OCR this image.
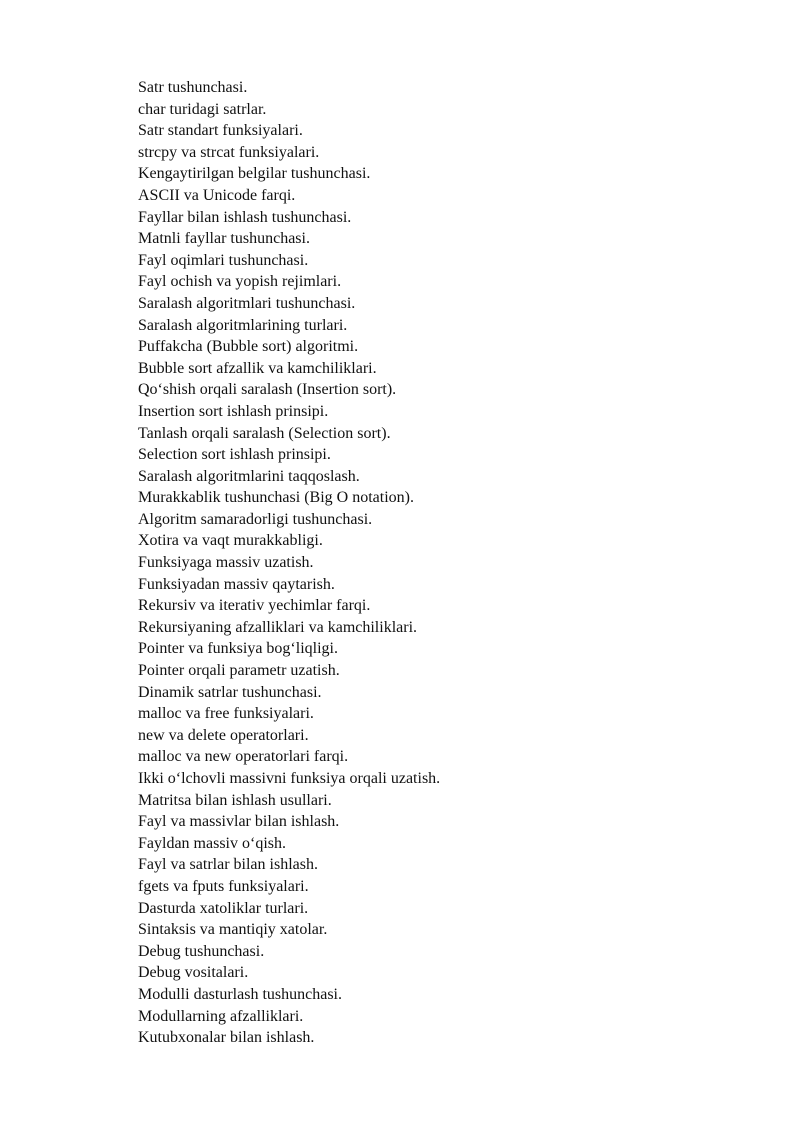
Satr tushunchasi.
char turidagi satrlar.
Satr standart funksiyalari.
strcpy va strcat funksiyalari.
Kengaytirilgan belgilar tushunchasi.
ASCII va Unicode farqi.
Fayllar bilan ishlash tushunchasi.
Matnli fayllar tushunchasi.
Fayl oqimlari tushunchasi.
Fayl ochish va yopish rejimlari.
Saralash algoritmlari tushunchasi.
Saralash algoritmlarining turlari.
Puffakcha (Bubble sort) algoritmi.
Bubble sort afzallik va kamchiliklari.
Qo‘shish orqali saralash (Insertion sort).
Insertion sort ishlash prinsipi.
Tanlash orqali saralash (Selection sort).
Selection sort ishlash prinsipi.
Saralash algoritmlarini taqqoslash.
Murakkablik tushunchasi (Big O notation).
Algoritm samaradorligi tushunchasi.
Xotira va vaqt murakkabligi.
Funksiyaga massiv uzatish.
Funksiyadan massiv qaytarish.
Rekursiv va iterativ yechimlar farqi.
Rekursiyaning afzalliklari va kamchiliklari.
Pointer va funksiya bog‘liqligi.
Pointer orqali parametr uzatish.
Dinamik satrlar tushunchasi.
malloc va free funksiyalari.
new va delete operatorlari.
malloc va new operatorlari farqi.
Ikki o‘lchovli massivni funksiya orqali uzatish.
Matritsa bilan ishlash usullari.
Fayl va massivlar bilan ishlash.
Fayldan massiv o‘qish.
Fayl va satrlar bilan ishlash.
fgets va fputs funksiyalari.
Dasturda xatoliklar turlari.
Sintaksis va mantiqiy xatolar.
Debug tushunchasi.
Debug vositalari.
Modulli dasturlash tushunchasi.
Modullarning afzalliklari.
Kutubxonalar bilan ishlash.
